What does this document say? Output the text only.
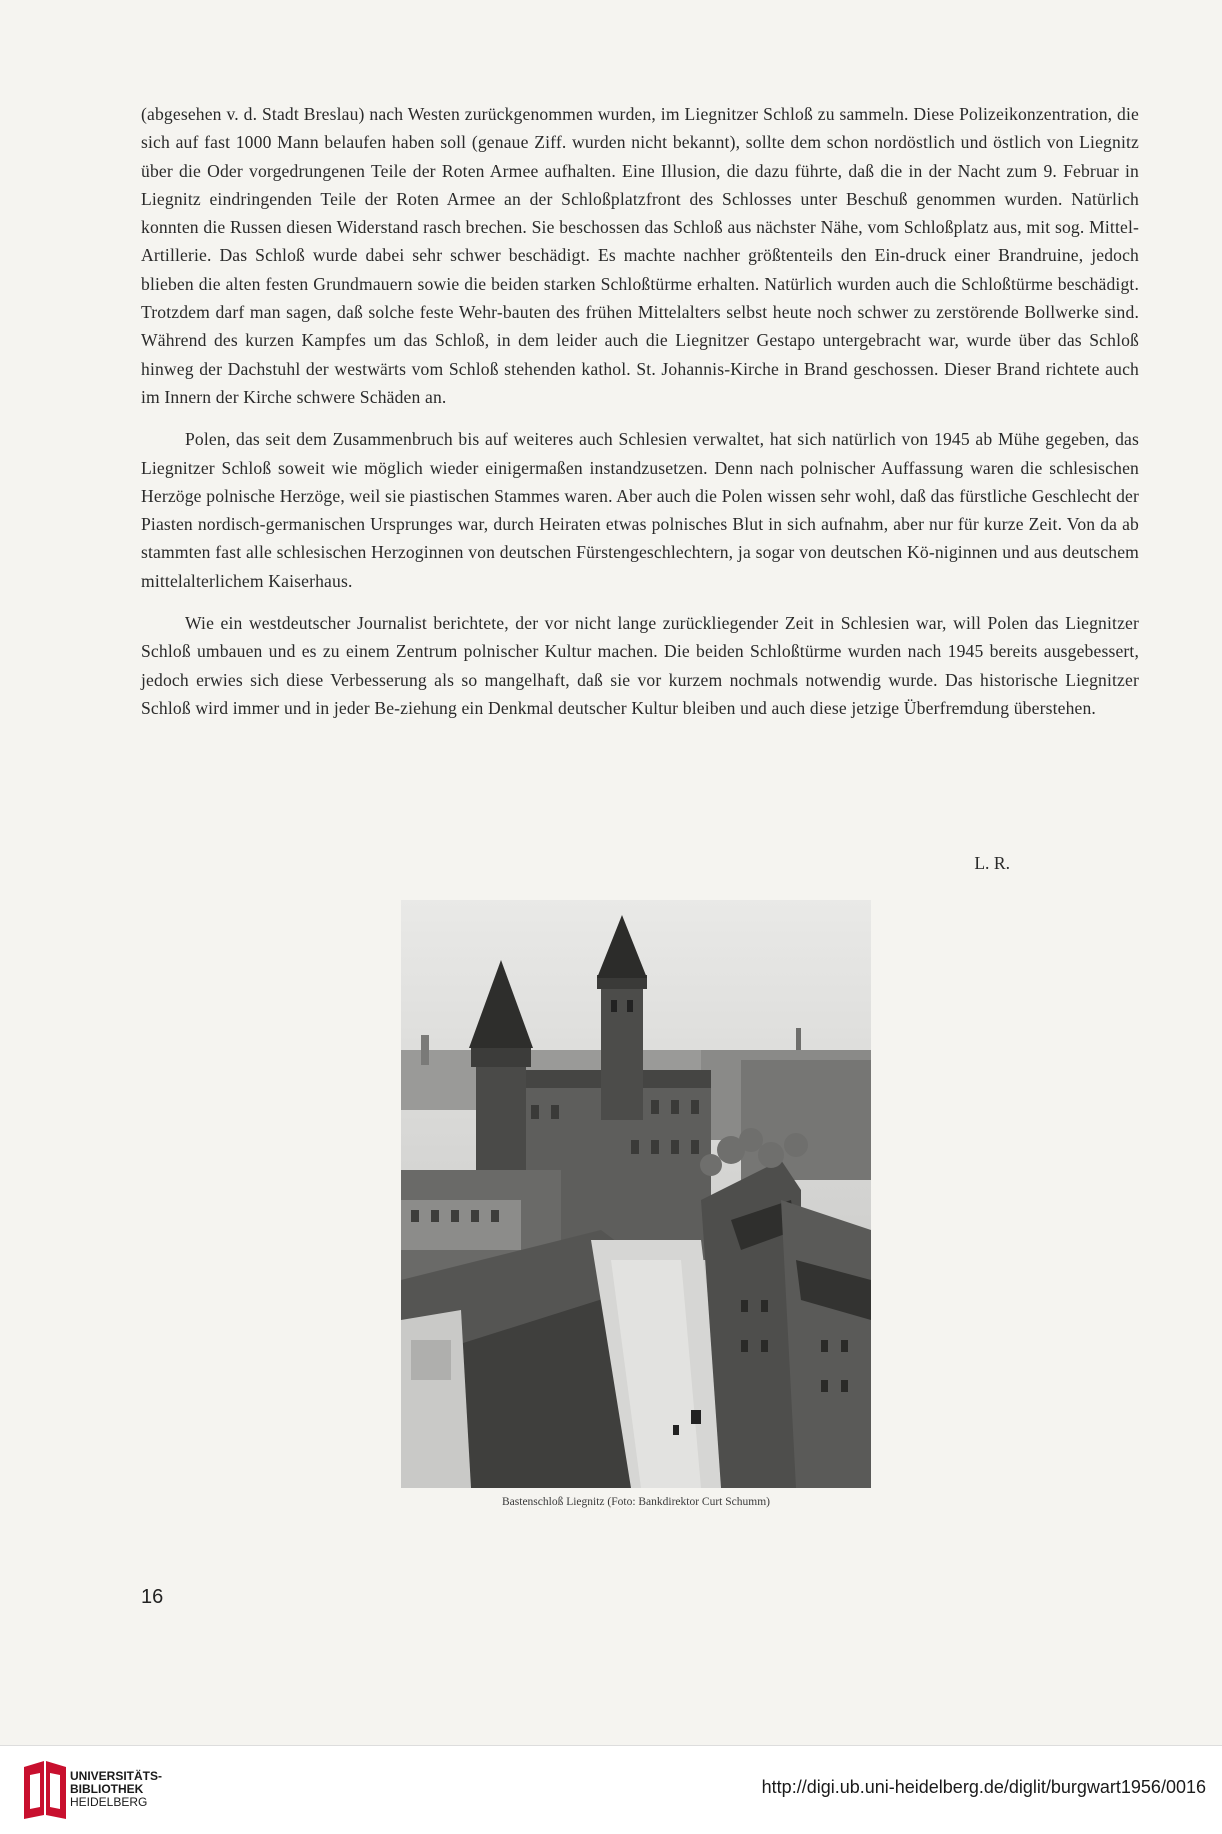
(abgesehen v. d. Stadt Breslau) nach Westen zurückgenommen wurden, im Liegnitzer Schloß zu sammeln. Diese Polizeikonzentration, die sich auf fast 1000 Mann belaufen haben soll (genaue Ziff. wurden nicht bekannt), sollte dem schon nordöstlich und östlich von Liegnitz über die Oder vorgedrungenen Teile der Roten Armee aufhalten. Eine Illusion, die dazu führte, daß die in der Nacht zum 9. Februar in Liegnitz eindringenden Teile der Roten Armee an der Schloßplatzfront des Schlosses unter Beschuß genommen wurden. Natürlich konnten die Russen diesen Widerstand rasch brechen. Sie beschossen das Schloß aus nächster Nähe, vom Schloßplatz aus, mit sog. Mittel-Artillerie. Das Schloß wurde dabei sehr schwer beschädigt. Es machte nachher größtenteils den Ein-druck einer Brandruine, jedoch blieben die alten festen Grundmauern sowie die beiden starken Schloßtürme erhalten. Natürlich wurden auch die Schloßtürme beschädigt. Trotzdem darf man sagen, daß solche feste Wehr-bauten des frühen Mittelalters selbst heute noch schwer zu zerstörende Bollwerke sind. Während des kurzen Kampfes um das Schloß, in dem leider auch die Liegnitzer Gestapo untergebracht war, wurde über das Schloß hinweg der Dachstuhl der westwärts vom Schloß stehenden kathol. St. Johannis-Kirche in Brand geschossen. Dieser Brand richtete auch im Innern der Kirche schwere Schäden an.

Polen, das seit dem Zusammenbruch bis auf weiteres auch Schlesien verwaltet, hat sich natürlich von 1945 ab Mühe gegeben, das Liegnitzer Schloß soweit wie möglich wieder einigermaßen instandzusetzen. Denn nach polnischer Auffassung waren die schlesischen Herzöge polnische Herzöge, weil sie piastischen Stammes waren. Aber auch die Polen wissen sehr wohl, daß das fürstliche Geschlecht der Piasten nordisch-germanischen Ursprunges war, durch Heiraten etwas polnisches Blut in sich aufnahm, aber nur für kurze Zeit. Von da ab stammten fast alle schlesischen Herzoginnen von deutschen Fürstengeschlechtern, ja sogar von deutschen Kö-niginnen und aus deutschem mittelalterlichem Kaiserhaus.

Wie ein westdeutscher Journalist berichtete, der vor nicht lange zurückliegender Zeit in Schlesien war, will Polen das Liegnitzer Schloß umbauen und es zu einem Zentrum polnischer Kultur machen. Die beiden Schloßtürme wurden nach 1945 bereits ausgebessert, jedoch erwies sich diese Verbesserung als so mangelhaft, daß sie vor kurzem nochmals notwendig wurde. Das historische Liegnitzer Schloß wird immer und in jeder Be-ziehung ein Denkmal deutscher Kultur bleiben und auch diese jetzige Überfremdung überstehen.

L. R.
Bastenschloß Liegnitz (Foto: Bankdirektor Curt Schumm)
16
UNIVERSITÄTS-
BIBLIOTHEK
HEIDELBERG
http://digi.ub.uni-heidelberg.de/diglit/burgwart1956/0016
